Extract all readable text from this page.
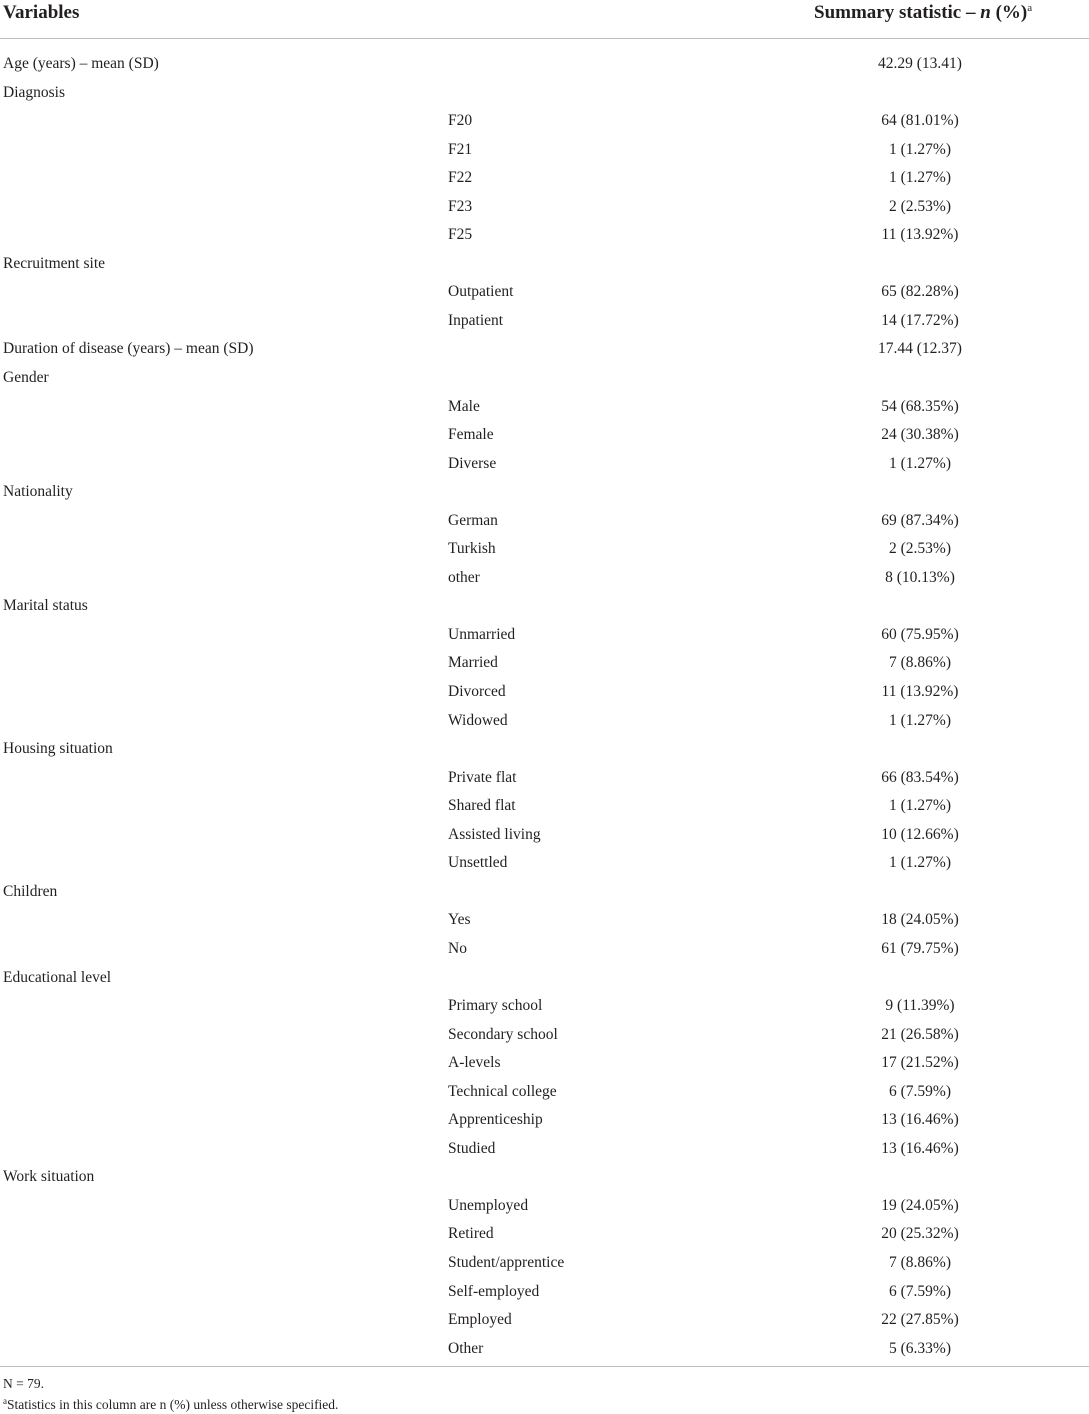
Variables	Summary statistic – n (%)$^a$
Age (years) – mean (SD)	42.29 (13.41)
Diagnosis
F20	64 (81.01%)
F21	1 (1.27%)
F22	1 (1.27%)
F23	2 (2.53%)
F25	11 (13.92%)
Recruitment site
Outpatient	65 (82.28%)
Inpatient	14 (17.72%)
Duration of disease (years) – mean (SD)	17.44 (12.37)
Gender
Male	54 (68.35%)
Female	24 (30.38%)
Diverse	1 (1.27%)
Nationality
German	69 (87.34%)
Turkish	2 (2.53%)
other	8 (10.13%)
Marital status
Unmarried	60 (75.95%)
Married	7 (8.86%)
Divorced	11 (13.92%)
Widowed	1 (1.27%)
Housing situation
Private flat	66 (83.54%)
Shared flat	1 (1.27%)
Assisted living	10 (12.66%)
Unsettled	1 (1.27%)
Children
Yes	18 (24.05%)
No	61 (79.75%)
Educational level
Primary school	9 (11.39%)
Secondary school	21 (26.58%)
A-levels	17 (21.52%)
Technical college	6 (7.59%)
Apprenticeship	13 (16.46%)
Studied	13 (16.46%)
Work situation
Unemployed	19 (24.05%)
Retired	20 (25.32%)
Student/apprentice	7 (8.86%)
Self-employed	6 (7.59%)
Employed	22 (27.85%)
Other	5 (6.33%)
N = 79.
$^a$Statistics in this column are n (%) unless otherwise specified.
